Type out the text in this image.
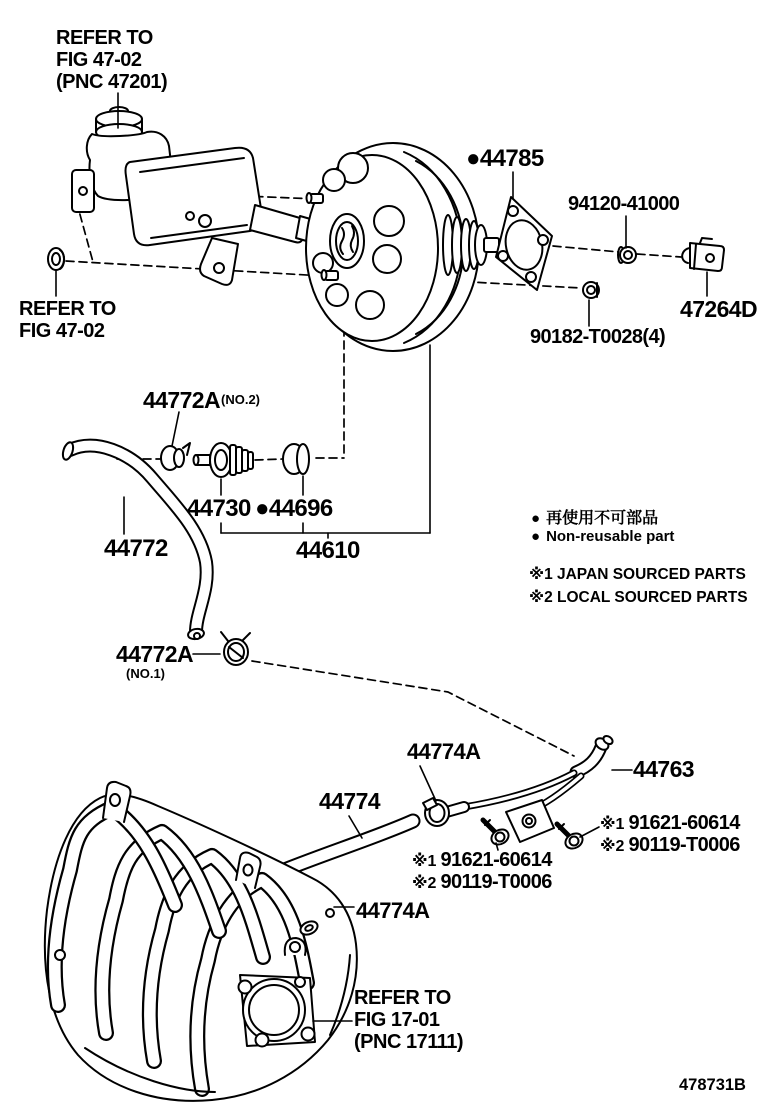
REFER TO
FIG 47-02
(PNC 47201)
REFER TO
FIG 47-02
●44785
94120-41000
47264D
90182-T0028(4)
44772A (NO.2)
44730 ●44696
44610
44772
44772A
(NO.1)
44774A
44763
44774
※1 91621-60614
※2 90119-T0006
※1 91621-60614
※2 90119-T0006
44774A
REFER TO
FIG 17-01
(PNC 17111)
● 再使用不可部品
● Non-reusable part
※1 JAPAN SOURCED PARTS
※2 LOCAL SOURCED PARTS
478731B
